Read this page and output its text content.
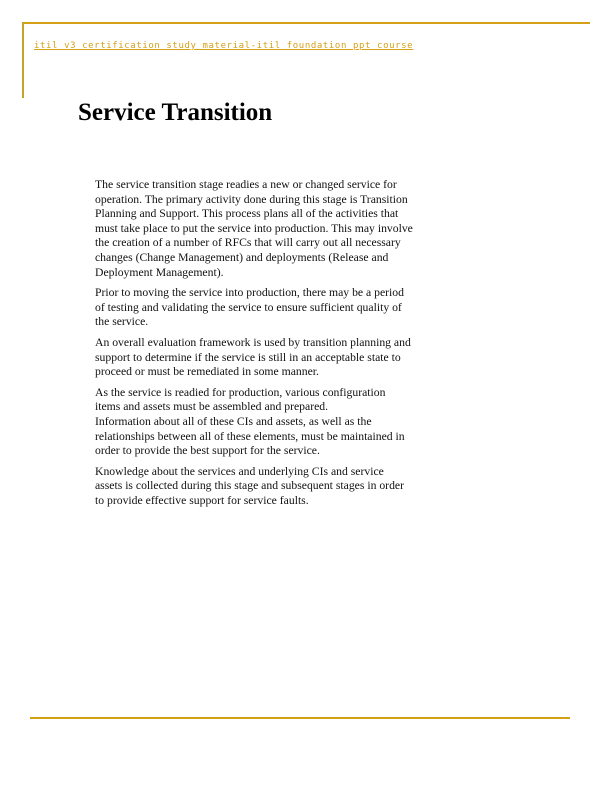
itil v3 certification study material-itil foundation ppt course
Service Transition

The service transition stage readies a new or changed service for operation. The primary activity done during this stage is Transition Planning and Support. This process plans all of the activities that must take place to put the service into production. This may involve the creation of a number of RFCs that will carry out all necessary changes (Change Management) and deployments (Release and Deployment Management).

Prior to moving the service into production, there may be a period of testing and validating the service to ensure sufficient quality of the service.

An overall evaluation framework is used by transition planning and support to determine if the service is still in an acceptable state to proceed or must be remediated in some manner.

As the service is readied for production, various configuration items and assets must be assembled and prepared.

Information about all of these CIs and assets, as well as the relationships between all of these elements, must be maintained in order to provide the best support for the service.

Knowledge about the services and underlying CIs and service assets is collected during this stage and subsequent stages in order to provide effective support for service faults.
